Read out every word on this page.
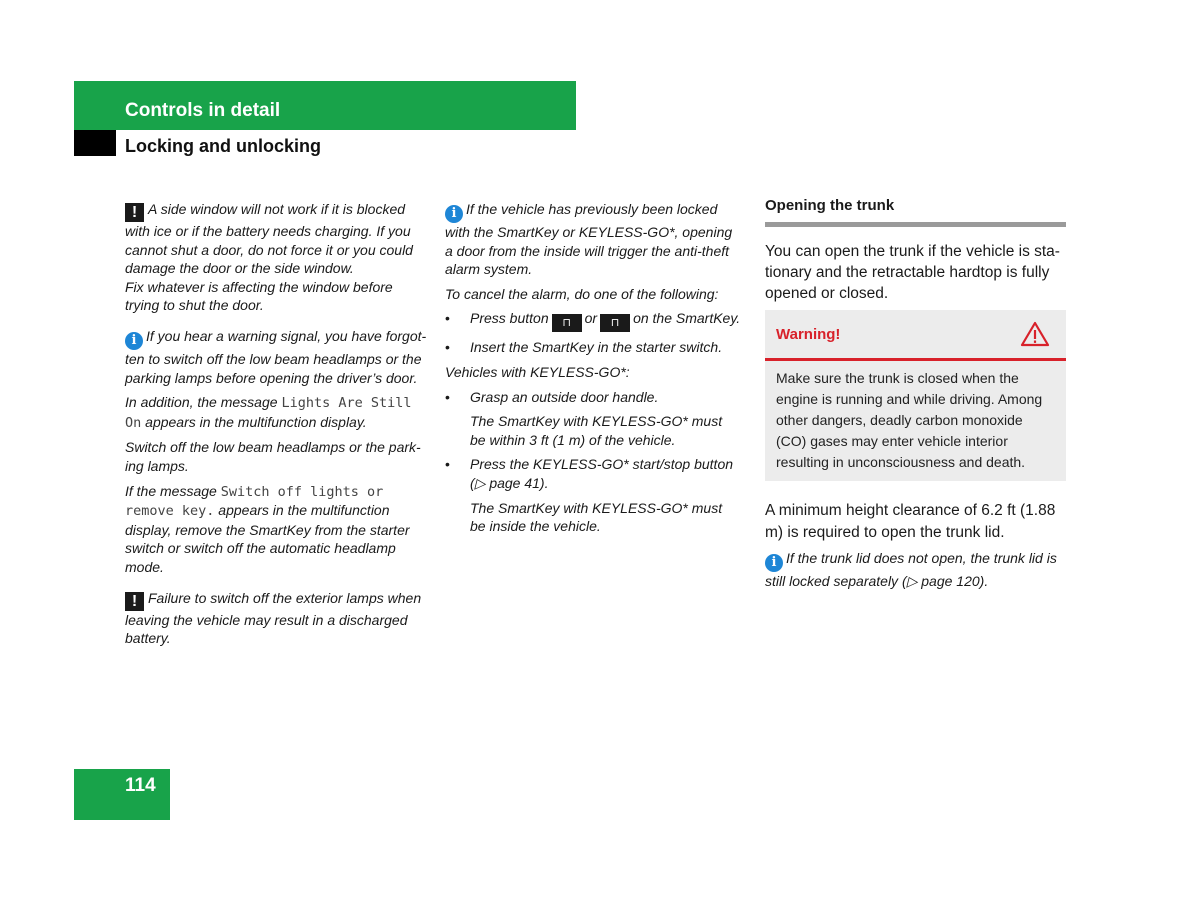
Controls in detail
Locking and unlocking

! A side window will not work if it is blocked with ice or if the battery needs charging. If you cannot shut a door, do not force it or you could damage the door or the side window.
Fix whatever is affecting the window before trying to shut the door.

i If you hear a warning signal, you have forgot-ten to switch off the low beam headlamps or the parking lamps before opening the driver’s door.

In addition, the message Lights Are Still On appears in the multifunction display.

Switch off the low beam headlamps or the park-ing lamps.

If the message Switch off lights or remove key. appears in the multifunction display, remove the SmartKey from the starter switch or switch off the automatic headlamp mode.

! Failure to switch off the exterior lamps when leaving the vehicle may result in a discharged battery.

i If the vehicle has previously been locked with the SmartKey or KEYLESS-GO*, opening a door from the inside will trigger the anti-theft alarm system.

To cancel the alarm, do one of the following:

• Press button ⊓ or ⊓ on the SmartKey.
• Insert the SmartKey in the starter switch.

Vehicles with KEYLESS-GO*:

• Grasp an outside door handle.

The SmartKey with KEYLESS-GO* must be within 3 ft (1 m) of the vehicle.

• Press the KEYLESS-GO* start/stop button (▷ page 41).

The SmartKey with KEYLESS-GO* must be inside the vehicle.

Opening the trunk

You can open the trunk if the vehicle is sta-tionary and the retractable hardtop is fully opened or closed.

Warning!
Make sure the trunk is closed when the engine is running and while driving. Among other dangers, deadly carbon monoxide (CO) gases may enter vehicle interior resulting in unconsciousness and death.

A minimum height clearance of 6.2 ft (1.88 m) is required to open the trunk lid.

i If the trunk lid does not open, the trunk lid is still locked separately (▷ page 120).

114
